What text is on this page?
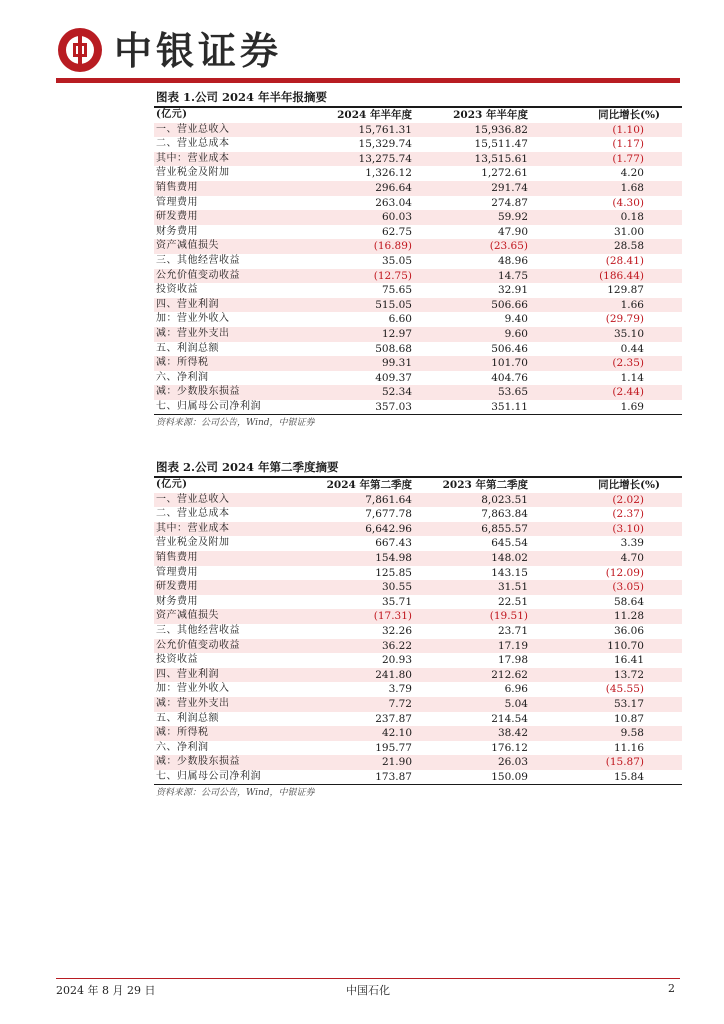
中银证券
图表 1.公司 2024 年半年报摘要
(亿元)	2024 年半年度	2023 年半年度	同比增长(%)
一、营业总收入	15,761.31	15,936.82	(1.10)
二、营业总成本	15,329.74	15,511.47	(1.17)
其中：营业成本	13,275.74	13,515.61	(1.77)
营业税金及附加	1,326.12	1,272.61	4.20
销售费用	296.64	291.74	1.68
管理费用	263.04	274.87	(4.30)
研发费用	60.03	59.92	0.18
财务费用	62.75	47.90	31.00
资产减值损失	(16.89)	(23.65)	28.58
三、其他经营收益	35.05	48.96	(28.41)
公允价值变动收益	(12.75)	14.75	(186.44)
投资收益	75.65	32.91	129.87
四、营业利润	515.05	506.66	1.66
加：营业外收入	6.60	9.40	(29.79)
减：营业外支出	12.97	9.60	35.10
五、利润总额	508.68	506.46	0.44
减：所得税	99.31	101.70	(2.35)
六、净利润	409.37	404.76	1.14
减：少数股东损益	52.34	53.65	(2.44)
七、归属母公司净利润	357.03	351.11	1.69
资料来源：公司公告，Wind，中银证券
图表 2.公司 2024 年第二季度摘要
(亿元)	2024 年第二季度	2023 年第二季度	同比增长(%)
一、营业总收入	7,861.64	8,023.51	(2.02)
二、营业总成本	7,677.78	7,863.84	(2.37)
其中：营业成本	6,642.96	6,855.57	(3.10)
营业税金及附加	667.43	645.54	3.39
销售费用	154.98	148.02	4.70
管理费用	125.85	143.15	(12.09)
研发费用	30.55	31.51	(3.05)
财务费用	35.71	22.51	58.64
资产减值损失	(17.31)	(19.51)	11.28
三、其他经营收益	32.26	23.71	36.06
公允价值变动收益	36.22	17.19	110.70
投资收益	20.93	17.98	16.41
四、营业利润	241.80	212.62	13.72
加：营业外收入	3.79	6.96	(45.55)
减：营业外支出	7.72	5.04	53.17
五、利润总额	237.87	214.54	10.87
减：所得税	42.10	38.42	9.58
六、净利润	195.77	176.12	11.16
减：少数股东损益	21.90	26.03	(15.87)
七、归属母公司净利润	173.87	150.09	15.84
资料来源：公司公告，Wind，中银证券
2024 年 8 月 29 日	中国石化	2
